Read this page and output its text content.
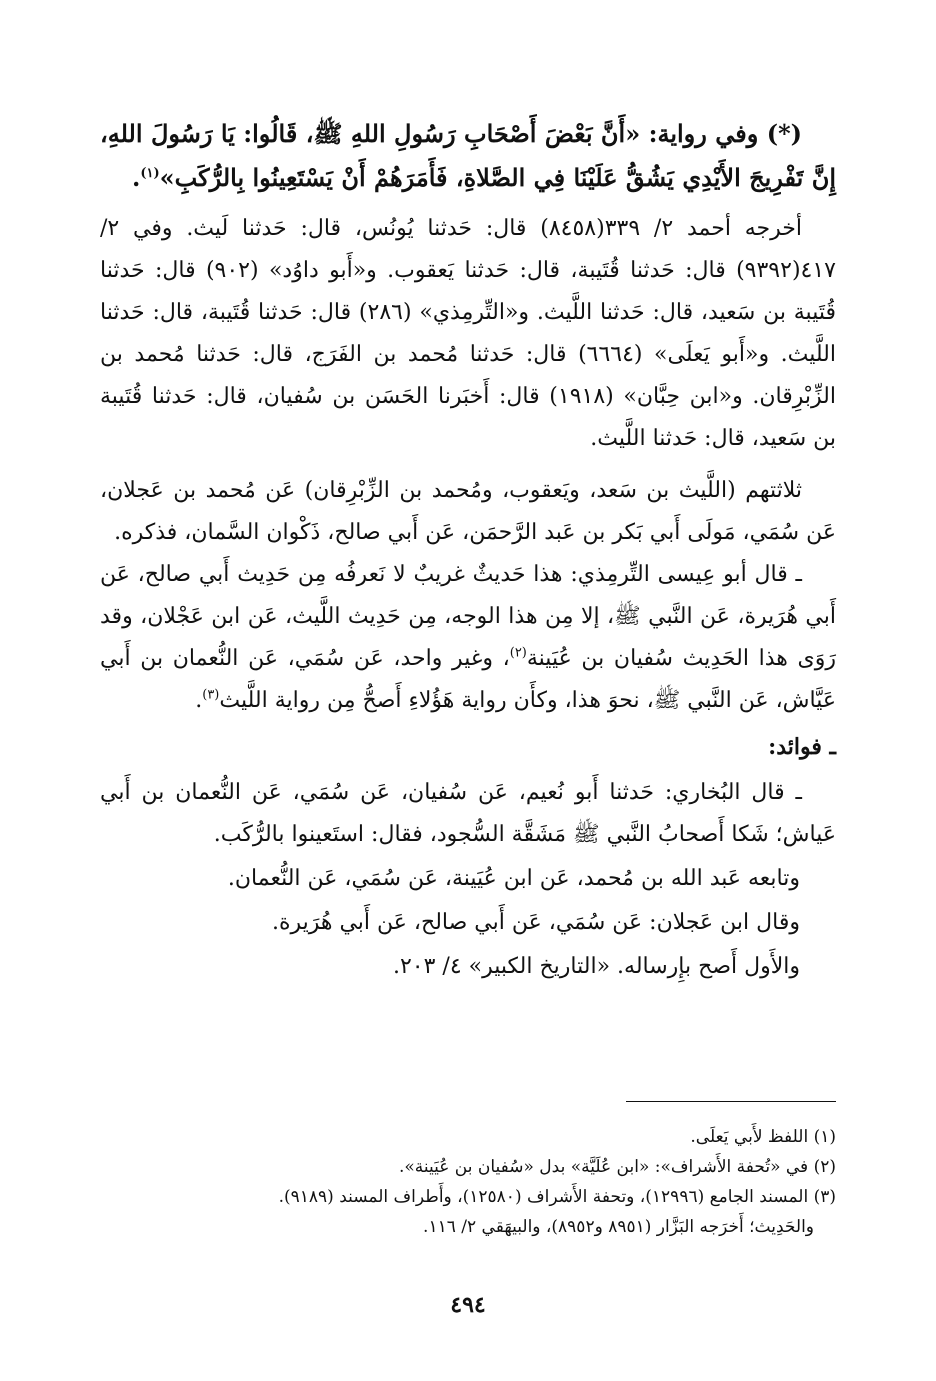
(*) وفي رواية: «أَنَّ بَعْضَ أَصْحَابِ رَسُولِ اللهِ ﷺ، قَالُوا: يَا رَسُولَ اللهِ، إِنَّ تَفْرِيجَ الأَيْدِي يَشُقُّ عَلَيْنَا فِي الصَّلاةِ، فَأَمَرَهُمْ أَنْ يَسْتَعِينُوا بِالرُّكَبِ»$^{(١)}$.

أخرجه أحمد ٢/ ٣٣٩(٨٤٥٨) قال: حَدثنا يُونُس، قال: حَدثنا لَيث. وفي ٢/ ٤١٧(٩٣٩٢) قال: حَدثنا قُتَيبة، قال: حَدثنا يَعقوب. و«أَبو داوُد» (٩٠٢) قال: حَدثنا قُتَيبة بن سَعيد، قال: حَدثنا اللَّيث. و«التِّرمِذي» (٢٨٦) قال: حَدثنا قُتَيبة، قال: حَدثنا اللَّيث. و«أَبو يَعلَى» (٦٦٦٤) قال: حَدثنا مُحمد بن الفَرَج، قال: حَدثنا مُحمد بن الزِّبْرِقان. و«ابن حِبَّان» (١٩١٨) قال: أَخبَرنا الحَسَن بن سُفيان، قال: حَدثنا قُتَيبة بن سَعيد، قال: حَدثنا اللَّيث.

ثلاثتهم (اللَّيث بن سَعد، ويَعقوب، ومُحمد بن الزِّبْرِقان) عَن مُحمد بن عَجلان، عَن سُمَي، مَولَى أَبي بَكر بن عَبد الرَّحمَن، عَن أَبي صالح، ذَكْوان السَّمان، فذكره.

ـ قال أبو عِيسى التِّرمِذي: هذا حَديثٌ غريبٌ لا نَعرفُه مِن حَدِيث أَبي صالح، عَن أَبي هُرَيرة، عَن النَّبي ﷺ، إلا مِن هذا الوجه، مِن حَدِيث اللَّيث، عَن ابن عَجْلان، وقد رَوَى هذا الحَدِيث سُفيان بن عُيَينة$^{(٢)}$، وغير واحد، عَن سُمَي، عَن النُّعمان بن أَبي عَيَّاش، عَن النَّبي ﷺ، نحوَ هذا، وكأَن رواية هَؤُلاءِ أَصحُّ مِن رواية اللَّيث$^{(٣)}$.

ـ فوائد:

ـ قال البُخاري: حَدثنا أَبو نُعيم، عَن سُفيان، عَن سُمَي، عَن النُّعمان بن أَبي عَياش؛ شَكا أَصحابُ النَّبي ﷺ مَشَقَّة السُّجود، فقال: استَعينوا بالرُّكَب.

وتابعه عَبد الله بن مُحمد، عَن ابن عُيَينة، عَن سُمَي، عَن النُّعمان.

وقال ابن عَجلان: عَن سُمَي، عَن أَبي صالح، عَن أَبي هُرَيرة.

والأَول أَصح بإِرساله. «التاريخ الكبير» ٤/ ٢٠٣.

(١) اللفظ لأَبي يَعلَى.

(٢) في «تُحفة الأَشراف»: «ابن عُلَيَّة» بدل «سُفيان بن عُيَينة».

(٣) المسند الجامع (١٢٩٩٦)، وتحفة الأَشراف (١٢٥٨٠)، وأَطراف المسند (٩١٨٩).

والحَدِيث؛ أَخرَجه البَزَّار (٨٩٥١ و٨٩٥٢)، والبيهَقي ٢/ ١١٦.

٤٩٤
